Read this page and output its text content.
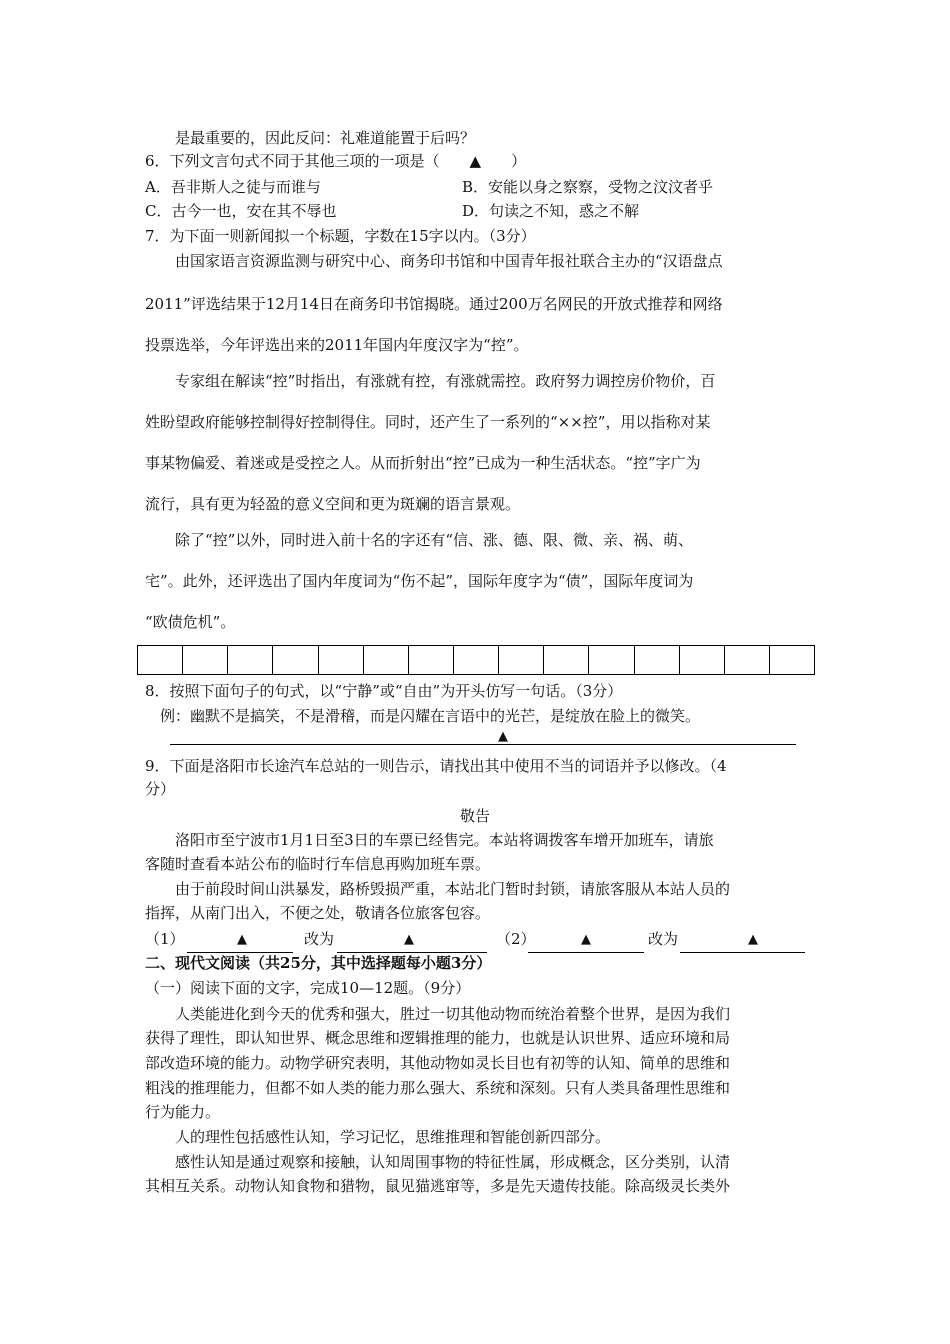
是最重要的，因此反问：礼难道能置于后吗？
6．下列文言句式不同于其他三项的一项是（　　▲　　）
A．吾非斯人之徒与而谁与	B．安能以身之察察，受物之汶汶者乎
C．古今一也，安在其不辱也	D．句读之不知，惑之不解
7．为下面一则新闻拟一个标题，字数在15字以内。（3分）
由国家语言资源监测与研究中心、商务印书馆和中国青年报社联合主办的“汉语盘点
2011”评选结果于12月14日在商务印书馆揭晓。通过200万名网民的开放式推荐和网络
投票选举，今年评选出来的2011年国内年度汉字为“控”。
专家组在解读“控”时指出，有涨就有控，有涨就需控。政府努力调控房价物价，百
姓盼望政府能够控制得好控制得住。同时，还产生了一系列的“××控”，用以指称对某
事某物偏爱、着迷或是受控之人。从而折射出“控”已成为一种生活状态。“控”字广为
流行，具有更为轻盈的意义空间和更为斑斓的语言景观。
除了“控”以外，同时进入前十名的字还有“信、涨、德、限、微、亲、祸、萌、
宅”。此外，还评选出了国内年度词为“伤不起”，国际年度字为“债”，国际年度词为
“欧债危机”。
8．按照下面句子的句式，以“宁静”或“自由”为开头仿写一句话。（3分）
例：幽默不是搞笑，不是滑稽，而是闪耀在言语中的光芒，是绽放在脸上的微笑。
▲
9．下面是洛阳市长途汽车总站的一则告示，请找出其中使用不当的词语并予以修改。（4
分）
敬告
洛阳市至宁波市1月1日至3日的车票已经售完。本站将调拨客车增开加班车，请旅
客随时查看本站公布的临时行车信息再购加班车票。
由于前段时间山洪暴发，路桥毁损严重，本站北门暂时封锁，请旅客服从本站人员的
指挥，从南门出入，不便之处，敬请各位旅客包容。
（1）	▲	改为	▲	（2）	▲	改为	▲
二、现代文阅读（共25分，其中选择题每小题3分）
（一）阅读下面的文字，完成10—12题。（9分）
人类能进化到今天的优秀和强大，胜过一切其他动物而统治着整个世界，是因为我们
获得了理性，即认知世界、概念思维和逻辑推理的能力，也就是认识世界、适应环境和局
部改造环境的能力。动物学研究表明，其他动物如灵长目也有初等的认知、简单的思维和
粗浅的推理能力，但都不如人类的能力那么强大、系统和深刻。只有人类具备理性思维和
行为能力。
人的理性包括感性认知，学习记忆，思维推理和智能创新四部分。
感性认知是通过观察和接触，认知周围事物的特征性属，形成概念，区分类别，认清
其相互关系。动物认知食物和猎物，鼠见猫逃窜等，多是先天遗传技能。除高级灵长类外
